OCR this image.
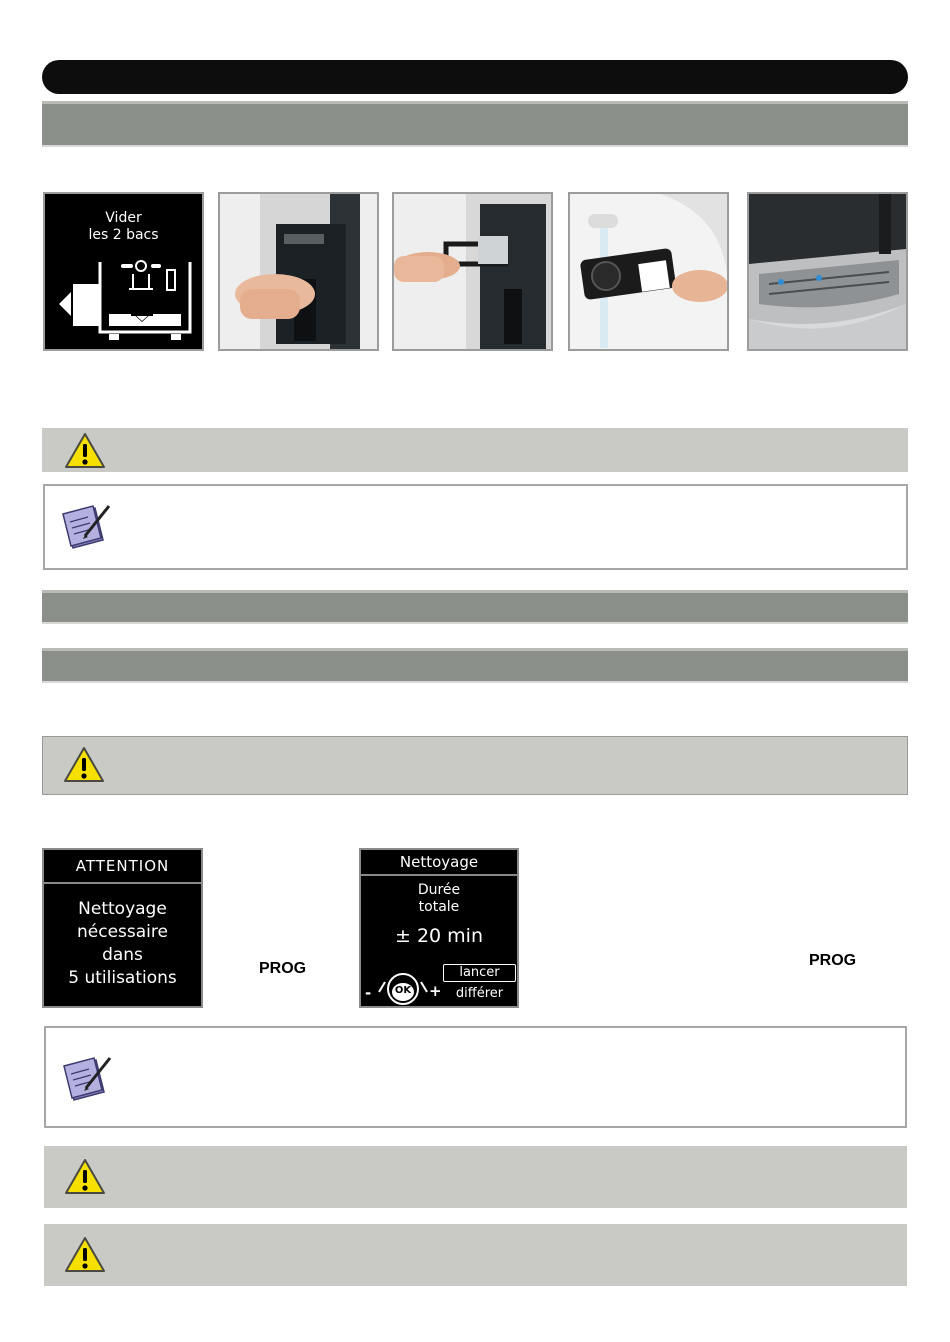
Vider
les 2 bacs
ATTENTION
Nettoyage
nécessaire
dans
5 utilisations	PROG
Nettoyage
Durée
totale
± 20 min
OK
-	+
lancer
différer
PROG
